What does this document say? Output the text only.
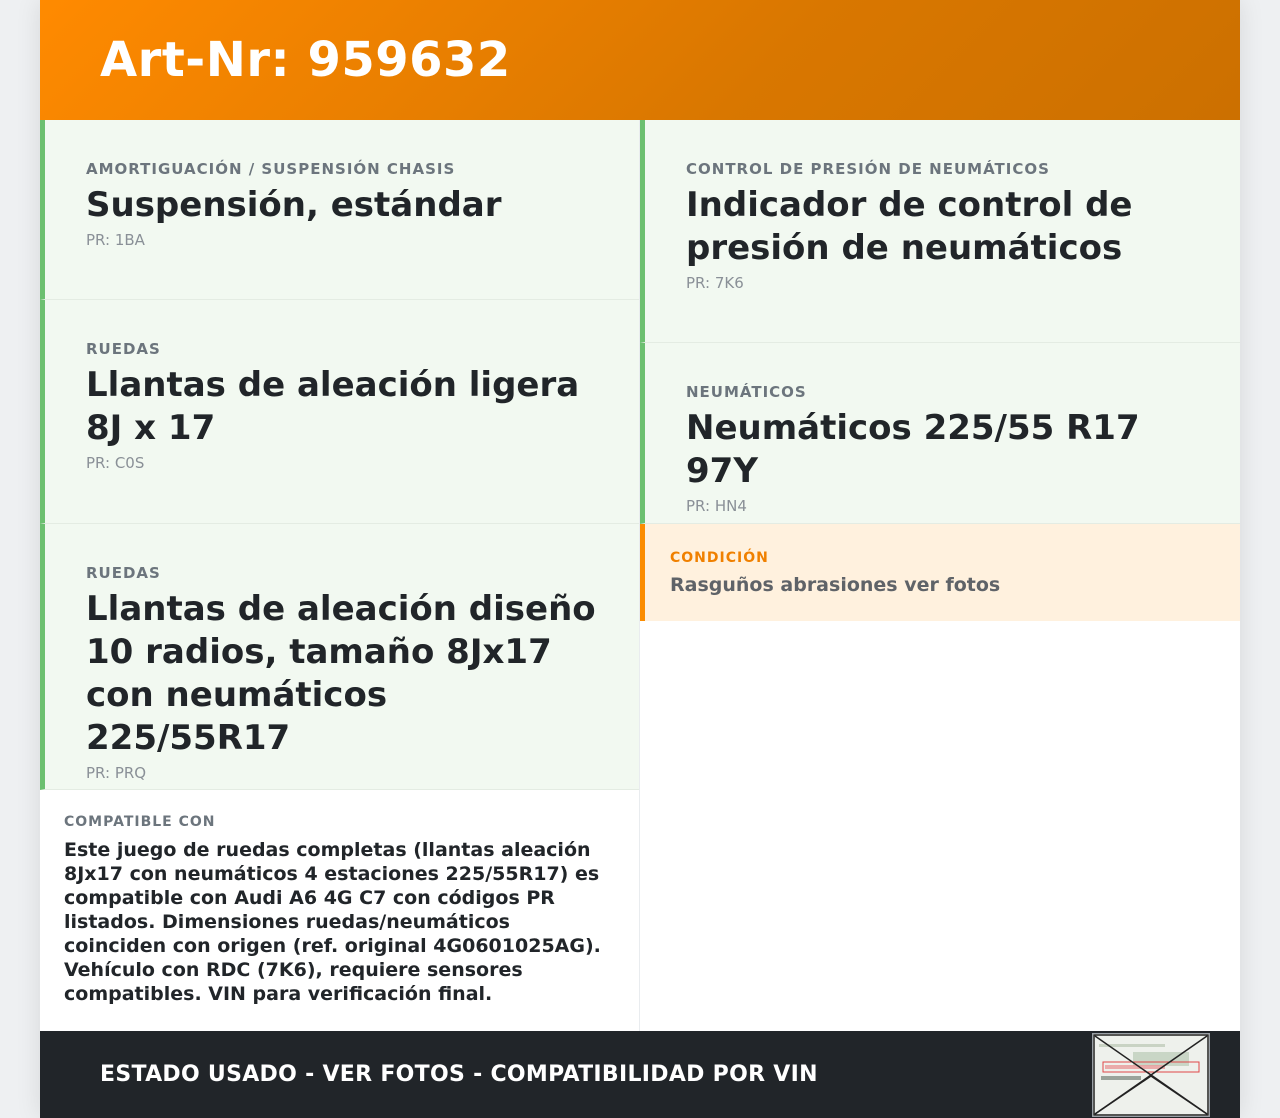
Art-Nr: 959632
AMORTIGUACIÓN / SUSPENSIÓN CHASIS
Suspensión, estándar
PR: 1BA
RUEDAS
Llantas de aleación ligera 8J x 17
PR: C0S
RUEDAS
Llantas de aleación diseño 10 radios, tamaño 8Jx17 con neumáticos 225/55R17
PR: PRQ
COMPATIBLE CON
Este juego de ruedas completas (llantas aleación 8Jx17 con neumáticos 4 estaciones 225/55R17) es compatible con Audi A6 4G C7 con códigos PR listados. Dimensiones ruedas/neumáticos coinciden con origen (ref. original 4G0601025AG). Vehículo con RDC (7K6), requiere sensores compatibles. VIN para verificación final.
CONTROL DE PRESIÓN DE NEUMÁTICOS
Indicador de control de presión de neumáticos
PR: 7K6
NEUMÁTICOS
Neumáticos 225/55 R17 97Y
PR: HN4
CONDICIÓN
Rasguños abrasiones ver fotos
ESTADO USADO - VER FOTOS - COMPATIBILIDAD POR VIN
